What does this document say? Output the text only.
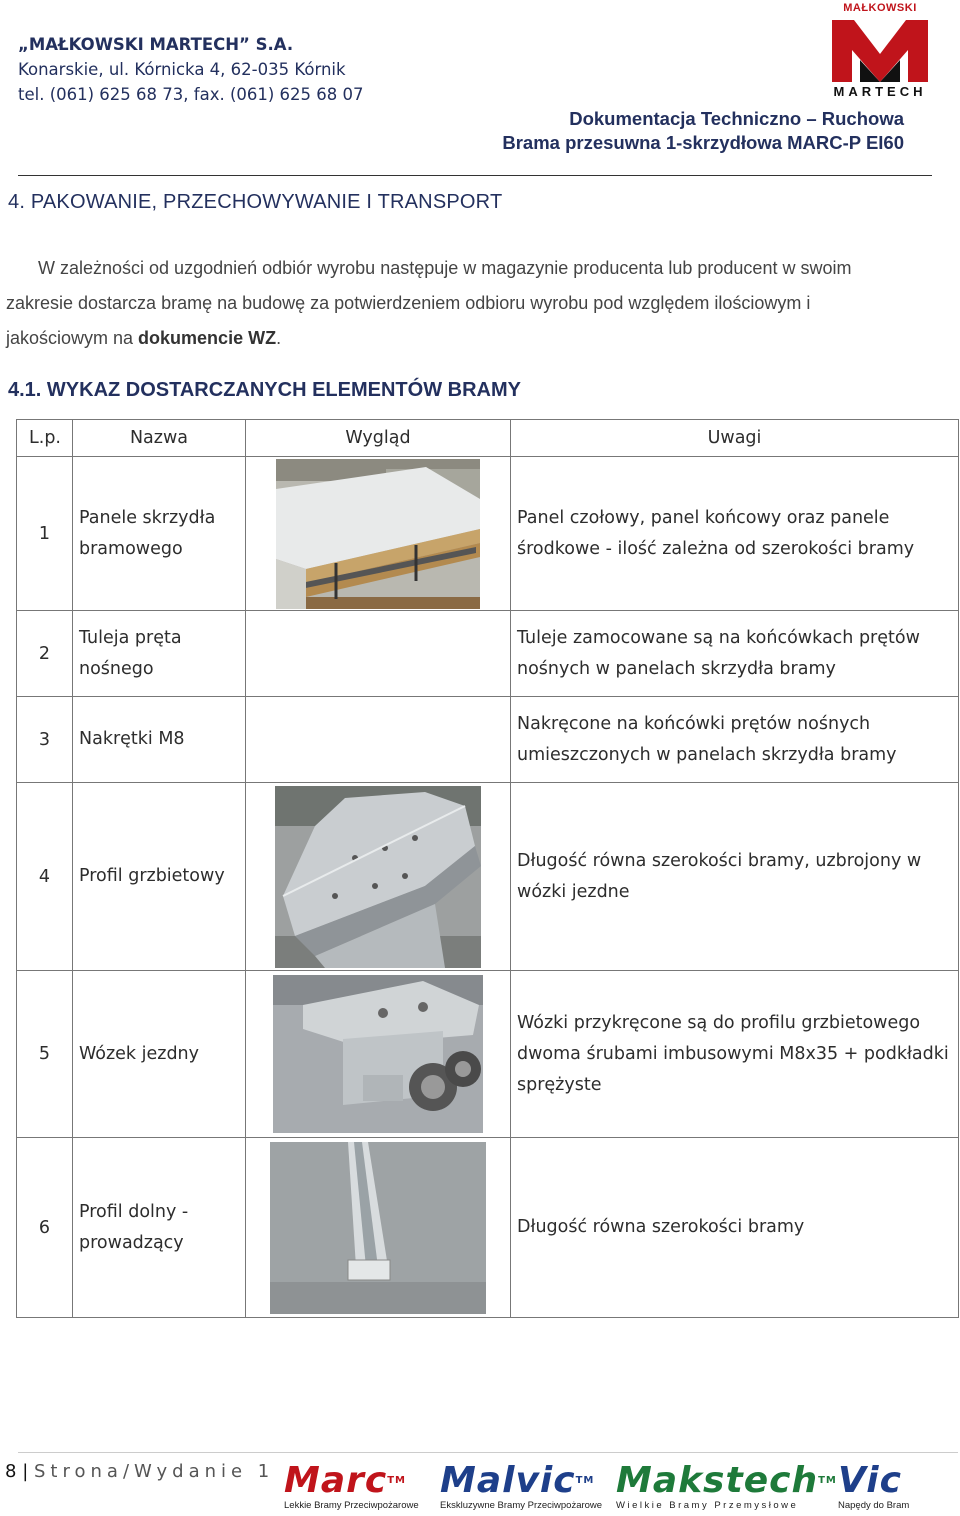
„MAŁKOWSKI MARTECH” S.A.
Konarskie, ul. Kórnicka 4, 62-035 Kórnik
tel. (061) 625 68 73, fax. (061) 625 68 07
MAŁKOWSKI
MARTECH
Dokumentacja Techniczno – Ruchowa
Brama przesuwna 1-skrzydłowa MARC-P EI60
4. PAKOWANIE, PRZECHOWYWANIE I TRANSPORT
W zależności od uzgodnień odbiór wyrobu następuje w magazynie producenta lub producent w swoim zakresie dostarcza bramę na budowę za potwierdzeniem odbioru wyrobu pod względem ilościowym i jakościowym na dokumencie WZ.
4.1. WYKAZ DOSTARCZANYCH ELEMENTÓW BRAMY
L.p.	Nazwa	Wygląd	Uwagi
1	Panele skrzydła bramowego		Panel czołowy, panel końcowy oraz panele środkowe - ilość zależna od szerokości bramy
2	Tuleja pręta nośnego		Tuleje zamocowane są na końcówkach prętów nośnych w panelach skrzydła bramy
3	Nakrętki M8		Nakręcone na końcówki prętów nośnych umieszczonych w panelach skrzydła bramy
4	Profil grzbietowy		Długość równa szerokości bramy, uzbrojony w wózki jezdne
5	Wózek jezdny		Wózki przykręcone są do profilu grzbietowego dwoma śrubami imbusowymi M8x35 + podkładki sprężyste
6	Profil dolny - prowadzący		Długość równa szerokości bramy
8 | Strona/Wydanie 1 Marc™
Lekkie Bramy Przeciwpożarowe
Malvic™
Ekskluzywne Bramy Przeciwpożarowe
Makstech™
Wielkie Bramy Przemysłowe
Vic
Napędy do Bram
